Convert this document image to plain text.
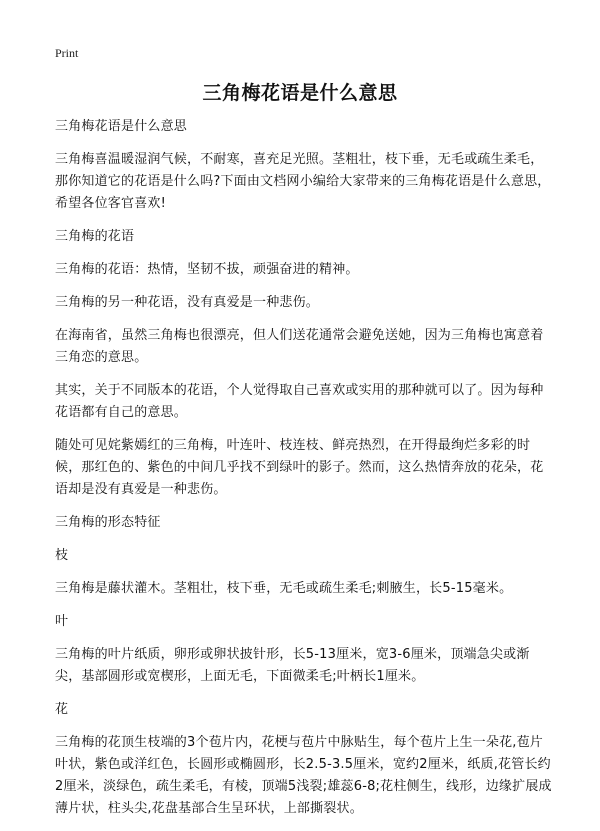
Print
三角梅花语是什么意思

三角梅花语是什么意思

三角梅喜温暖湿润气候，不耐寒，喜充足光照。茎粗壮，枝下垂，无毛或疏生柔毛，那你知道它的花语是什么吗?下面由文档网小编给大家带来的三角梅花语是什么意思，希望各位客官喜欢!

三角梅的花语

三角梅的花语：热情，坚韧不拔，顽强奋进的精神。

三角梅的另一种花语，没有真爱是一种悲伤。

在海南省，虽然三角梅也很漂亮，但人们送花通常会避免送她，因为三角梅也寓意着三角恋的意思。

其实，关于不同版本的花语，个人觉得取自己喜欢或实用的那种就可以了。因为每种花语都有自己的意思。

随处可见姹紫嫣红的三角梅，叶连叶、枝连枝、鲜亮热烈，在开得最绚烂多彩的时候，那红色的、紫色的中间几乎找不到绿叶的影子。然而，这么热情奔放的花朵，花语却是没有真爱是一种悲伤。

三角梅的形态特征

枝

三角梅是藤状灌木。茎粗壮，枝下垂，无毛或疏生柔毛;刺腋生，长5-15毫米。

叶

三角梅的叶片纸质，卵形或卵状披针形，长5-13厘米，宽3-6厘米，顶端急尖或渐尖，基部圆形或宽楔形，上面无毛，下面微柔毛;叶柄长1厘米。

花

三角梅的花顶生枝端的3个苞片内，花梗与苞片中脉贴生，每个苞片上生一朵花,苞片叶状，紫色或洋红色，长圆形或椭圆形，长2.5-3.5厘米，宽约2厘米，纸质,花管长约2厘米，淡绿色，疏生柔毛，有棱，顶端5浅裂;雄蕊6-8;花柱侧生，线形，边缘扩展成薄片状，柱头尖,花盘基部合生呈环状，上部撕裂状。
